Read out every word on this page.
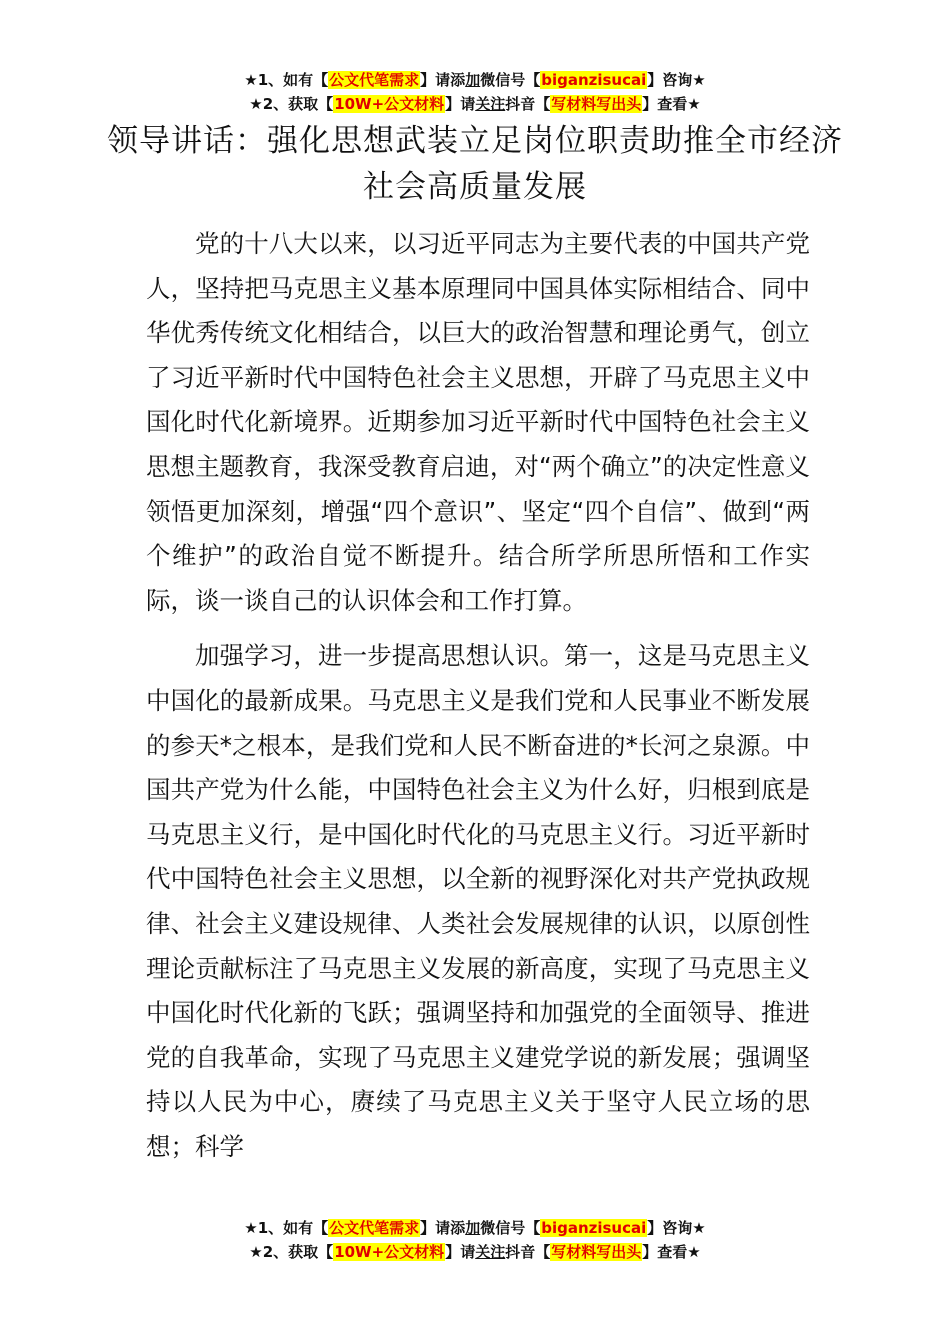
★1、如有【公文代笔需求】请添加微信号【biganzisucai】咨询★
★2、获取【10W+公文材料】请关注抖音【写材料写出头】查看★
领导讲话：强化思想武装立足岗位职责助推全市经济社会高质量发展

党的十八大以来，以习近平同志为主要代表的中国共产党人，坚持把马克思主义基本原理同中国具体实际相结合、同中华优秀传统文化相结合，以巨大的政治智慧和理论勇气，创立了习近平新时代中国特色社会主义思想，开辟了马克思主义中国化时代化新境界。近期参加习近平新时代中国特色社会主义思想主题教育，我深受教育启迪，对“两个确立”的决定性意义领悟更加深刻，增强“四个意识”、坚定“四个自信”、做到“两个维护”的政治自觉不断提升。结合所学所思所悟和工作实际，谈一谈自己的认识体会和工作打算。

加强学习，进一步提高思想认识。第一，这是马克思主义中国化的最新成果。马克思主义是我们党和人民事业不断发展的参天*之根本，是我们党和人民不断奋进的*长河之泉源。中国共产党为什么能，中国特色社会主义为什么好，归根到底是马克思主义行，是中国化时代化的马克思主义行。习近平新时代中国特色社会主义思想，以全新的视野深化对共产党执政规律、社会主义建设规律、人类社会发展规律的认识，以原创性理论贡献标注了马克思主义发展的新高度，实现了马克思主义中国化时代化新的飞跃；强调坚持和加强党的全面领导、推进党的自我革命，实现了马克思主义建党学说的新发展；强调坚持以人民为中心，赓续了马克思主义关于坚守人民立场的思想；科学

★1、如有【公文代笔需求】请添加微信号【biganzisucai】咨询★
★2、获取【10W+公文材料】请关注抖音【写材料写出头】查看★
